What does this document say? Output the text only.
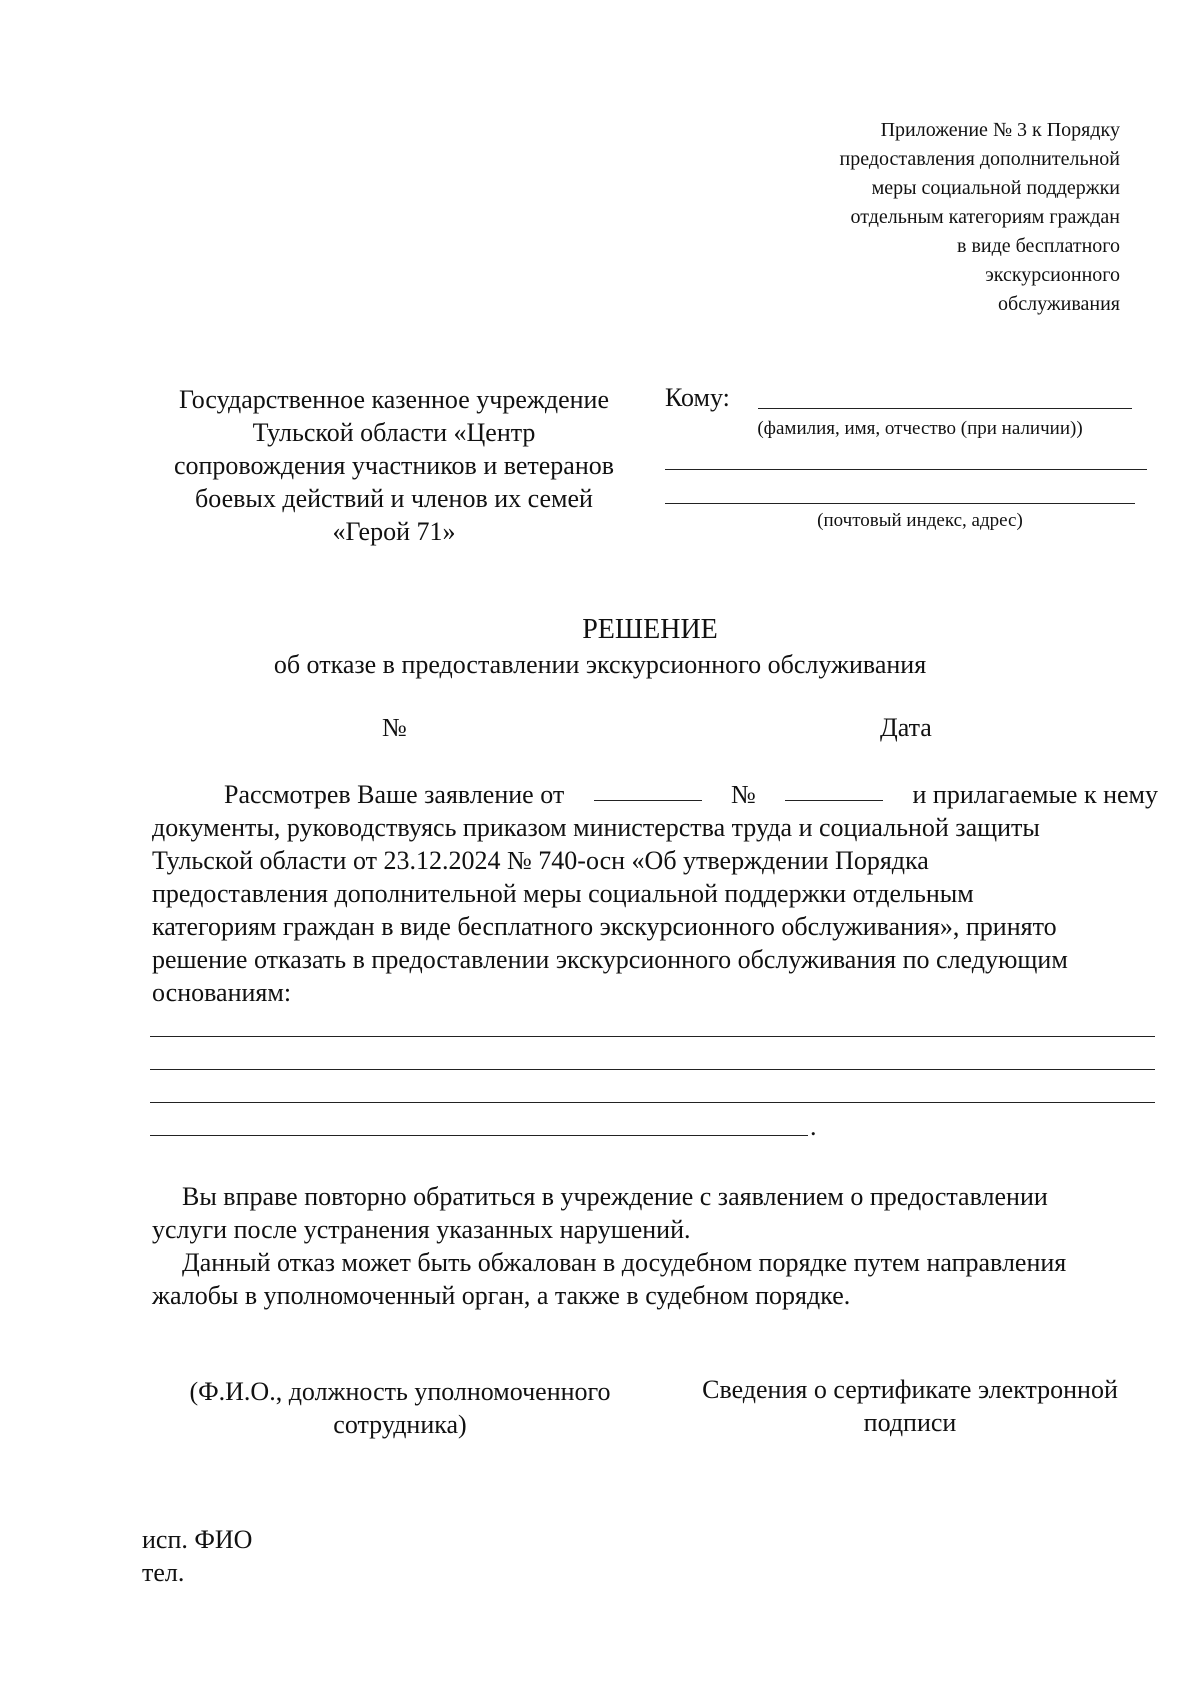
Приложение № 3 к Порядку
предоставления дополнительной
меры социальной поддержки
отдельным категориям граждан
в виде бесплатного
экскурсионного
обслуживания
Государственное казенное учреждение
Тульской области «Центр
сопровождения участников и ветеранов
боевых действий и членов их семей
«Герой 71»
Кому:
(фамилия, имя, отчество (при наличии))
(почтовый индекс, адрес)
РЕШЕНИЕ
об отказе в предоставлении экскурсионного обслуживания
№	Дата
Рассмотрев Ваше заявление от	№	и прилагаемые к нему
документы, руководствуясь приказом министерства труда и социальной защиты
Тульской области от 23.12.2024 № 740-осн «Об утверждении Порядка
предоставления дополнительной меры социальной поддержки отдельным
категориям граждан в виде бесплатного экскурсионного обслуживания», принято
решение отказать в предоставлении экскурсионного обслуживания по следующим
основаниям:
.
Вы вправе повторно обратиться в учреждение с заявлением о предоставлении
услуги после устранения указанных нарушений.
Данный отказ может быть обжалован в досудебном порядке путем направления
жалобы в уполномоченный орган, а также в судебном порядке.
(Ф.И.О., должность уполномоченного
сотрудника)
Сведения о сертификате электронной
подписи
исп. ФИО
тел.
